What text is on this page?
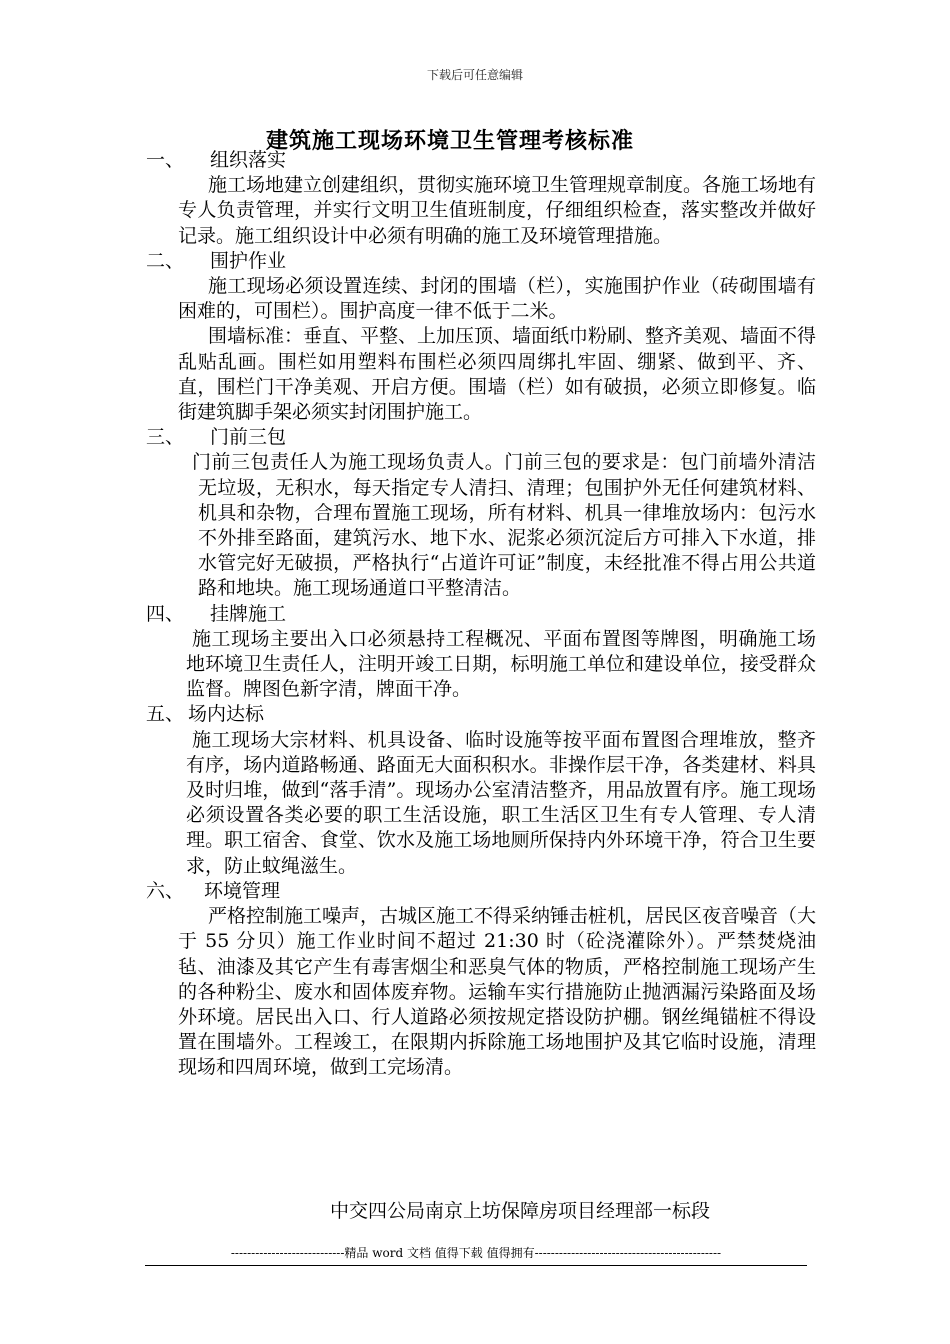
下载后可任意编辑
建筑施工现场环境卫生管理考核标准
一、 组织落实

施工场地建立创建组织，贯彻实施环境卫生管理规章制度。各施工场地有专人负责管理，并实行文明卫生值班制度，仔细组织检查，落实整改并做好记录。施工组织设计中必须有明确的施工及环境管理措施。

二、 围护作业

施工现场必须设置连续、封闭的围墙（栏），实施围护作业（砖砌围墙有困难的，可围栏）。围护高度一律不低于二米。

围墙标准：垂直、平整、上加压顶、墙面纸巾粉刷、整齐美观、墙面不得乱贴乱画。围栏如用塑料布围栏必须四周绑扎牢固、绷紧、做到平、齐、直，围栏门干净美观、开启方便。围墙（栏）如有破损，必须立即修复。临街建筑脚手架必须实封闭围护施工。

三、 门前三包

门前三包责任人为施工现场负责人。门前三包的要求是：包门前墙外清洁无垃圾，无积水，每天指定专人清扫、清理；包围护外无任何建筑材料、机具和杂物，合理布置施工现场，所有材料、机具一律堆放场内：包污水不外排至路面，建筑污水、地下水、泥浆必须沉淀后方可排入下水道，排水管完好无破损，严格执行“占道许可证”制度，未经批准不得占用公共道路和地块。施工现场通道口平整清洁。

四、 挂牌施工

施工现场主要出入口必须悬持工程概况、平面布置图等牌图，明确施工场地环境卫生责任人，注明开竣工日期，标明施工单位和建设单位，接受群众监督。牌图色新字清，牌面干净。

五、 场内达标

施工现场大宗材料、机具设备、临时设施等按平面布置图合理堆放，整齐有序，场内道路畅通、路面无大面积积水。非操作层干净，各类建材、料具及时归堆，做到“落手清”。现场办公室清洁整齐，用品放置有序。施工现场必须设置各类必要的职工生活设施，职工生活区卫生有专人管理、专人清理。职工宿舍、食堂、饮水及施工场地厕所保持内外环境干净，符合卫生要求，防止蚊绳滋生。

六、 环境管理

严格控制施工噪声，古城区施工不得采纳锤击桩机，居民区夜音噪音（大于 55 分贝）施工作业时间不超过 21:30 时（砼浇灌除外）。严禁焚烧油毡、油漆及其它产生有毒害烟尘和恶臭气体的物质，严格控制施工现场产生的各种粉尘、废水和固体废弃物。运输车实行措施防止抛洒漏污染路面及场外环境。居民出入口、行人道路必须按规定搭设防护棚。钢丝绳锚桩不得设置在围墙外。工程竣工，在限期内拆除施工场地围护及其它临时设施，清理现场和四周环境，做到工完场清。

中交四公局南京上坊保障房项目经理部一标段
----------------------------精品 word 文档 值得下载 值得拥有----------------------------------------------
